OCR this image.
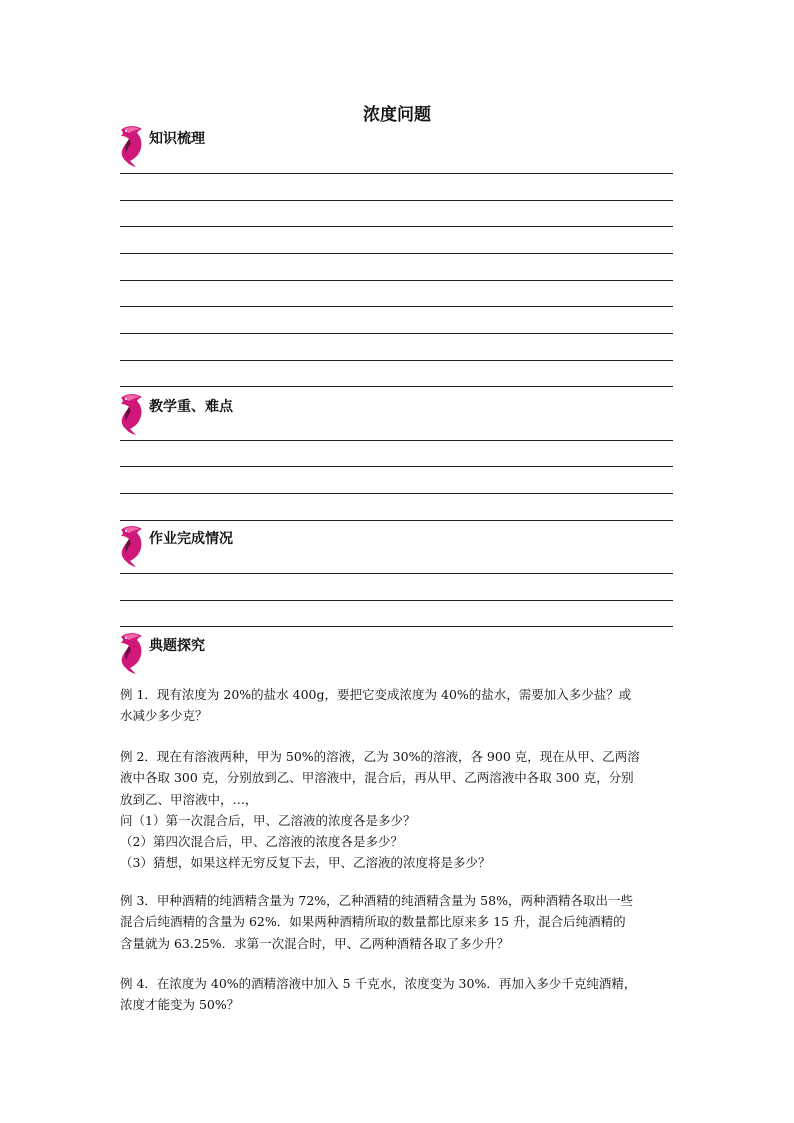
浓度问题
知识梳理
教学重、难点
作业完成情况
典题探究
例 1．现有浓度为 20%的盐水 400g，要把它变成浓度为 40%的盐水，需要加入多少盐？或
水减少多少克？
例 2．现在有溶液两种，甲为 50%的溶液，乙为 30%的溶液，各 900 克，现在从甲、乙两溶
液中各取 300 克，分别放到乙、甲溶液中，混合后，再从甲、乙两溶液中各取 300 克，分别
放到乙、甲溶液中，…，
问（1）第一次混合后，甲、乙溶液的浓度各是多少？
（2）第四次混合后，甲、乙溶液的浓度各是多少？
（3）猜想，如果这样无穷反复下去，甲、乙溶液的浓度将是多少？
例 3．甲种酒精的纯酒精含量为 72%，乙种酒精的纯酒精含量为 58%，两种酒精各取出一些
混合后纯酒精的含量为 62%．如果两种酒精所取的数量都比原来多 15 升，混合后纯酒精的
含量就为 63.25%．求第一次混合时，甲、乙两种酒精各取了多少升？
例 4．在浓度为 40%的酒精溶液中加入 5 千克水，浓度变为 30%．再加入多少千克纯酒精，
浓度才能变为 50%？
